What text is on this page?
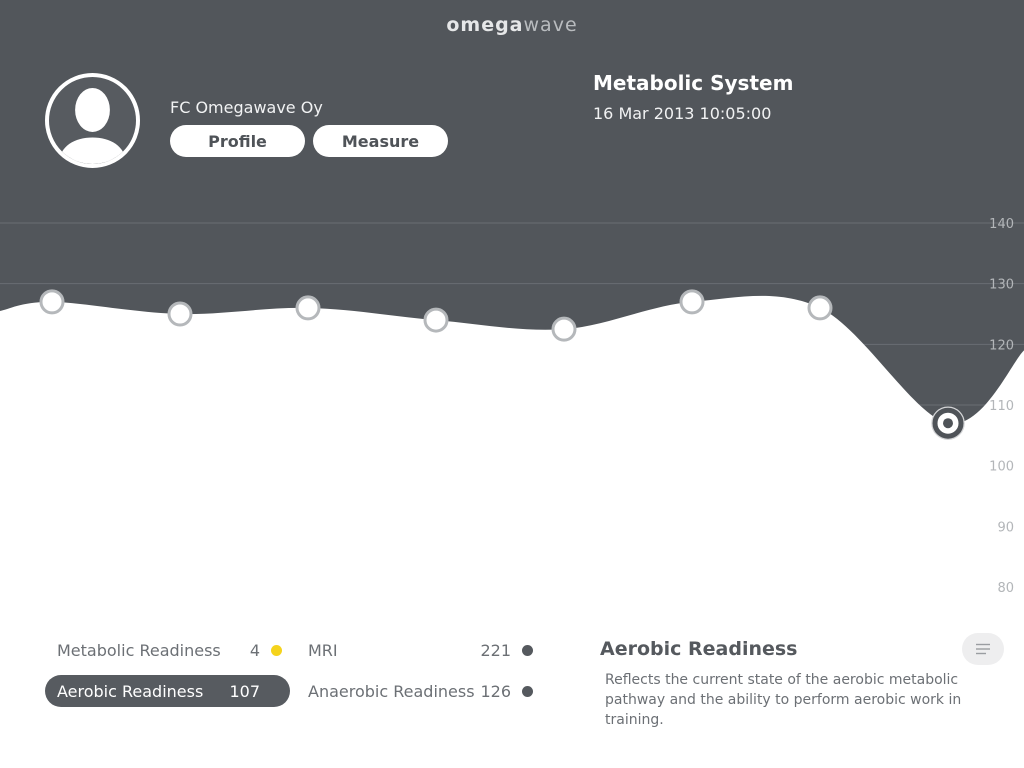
140
130
120
110
100
90
80
omegawave
FC Omegawave Oy
Profile	Measure
Metabolic System
16 Mar 2013 10:05:00
Metabolic Readiness 4
Aerobic Readiness 107
MRI	221
Anaerobic Readiness 126
Aerobic Readiness
Reflects the current state of the aerobic metabolic pathway and the ability to perform aerobic work in training.
